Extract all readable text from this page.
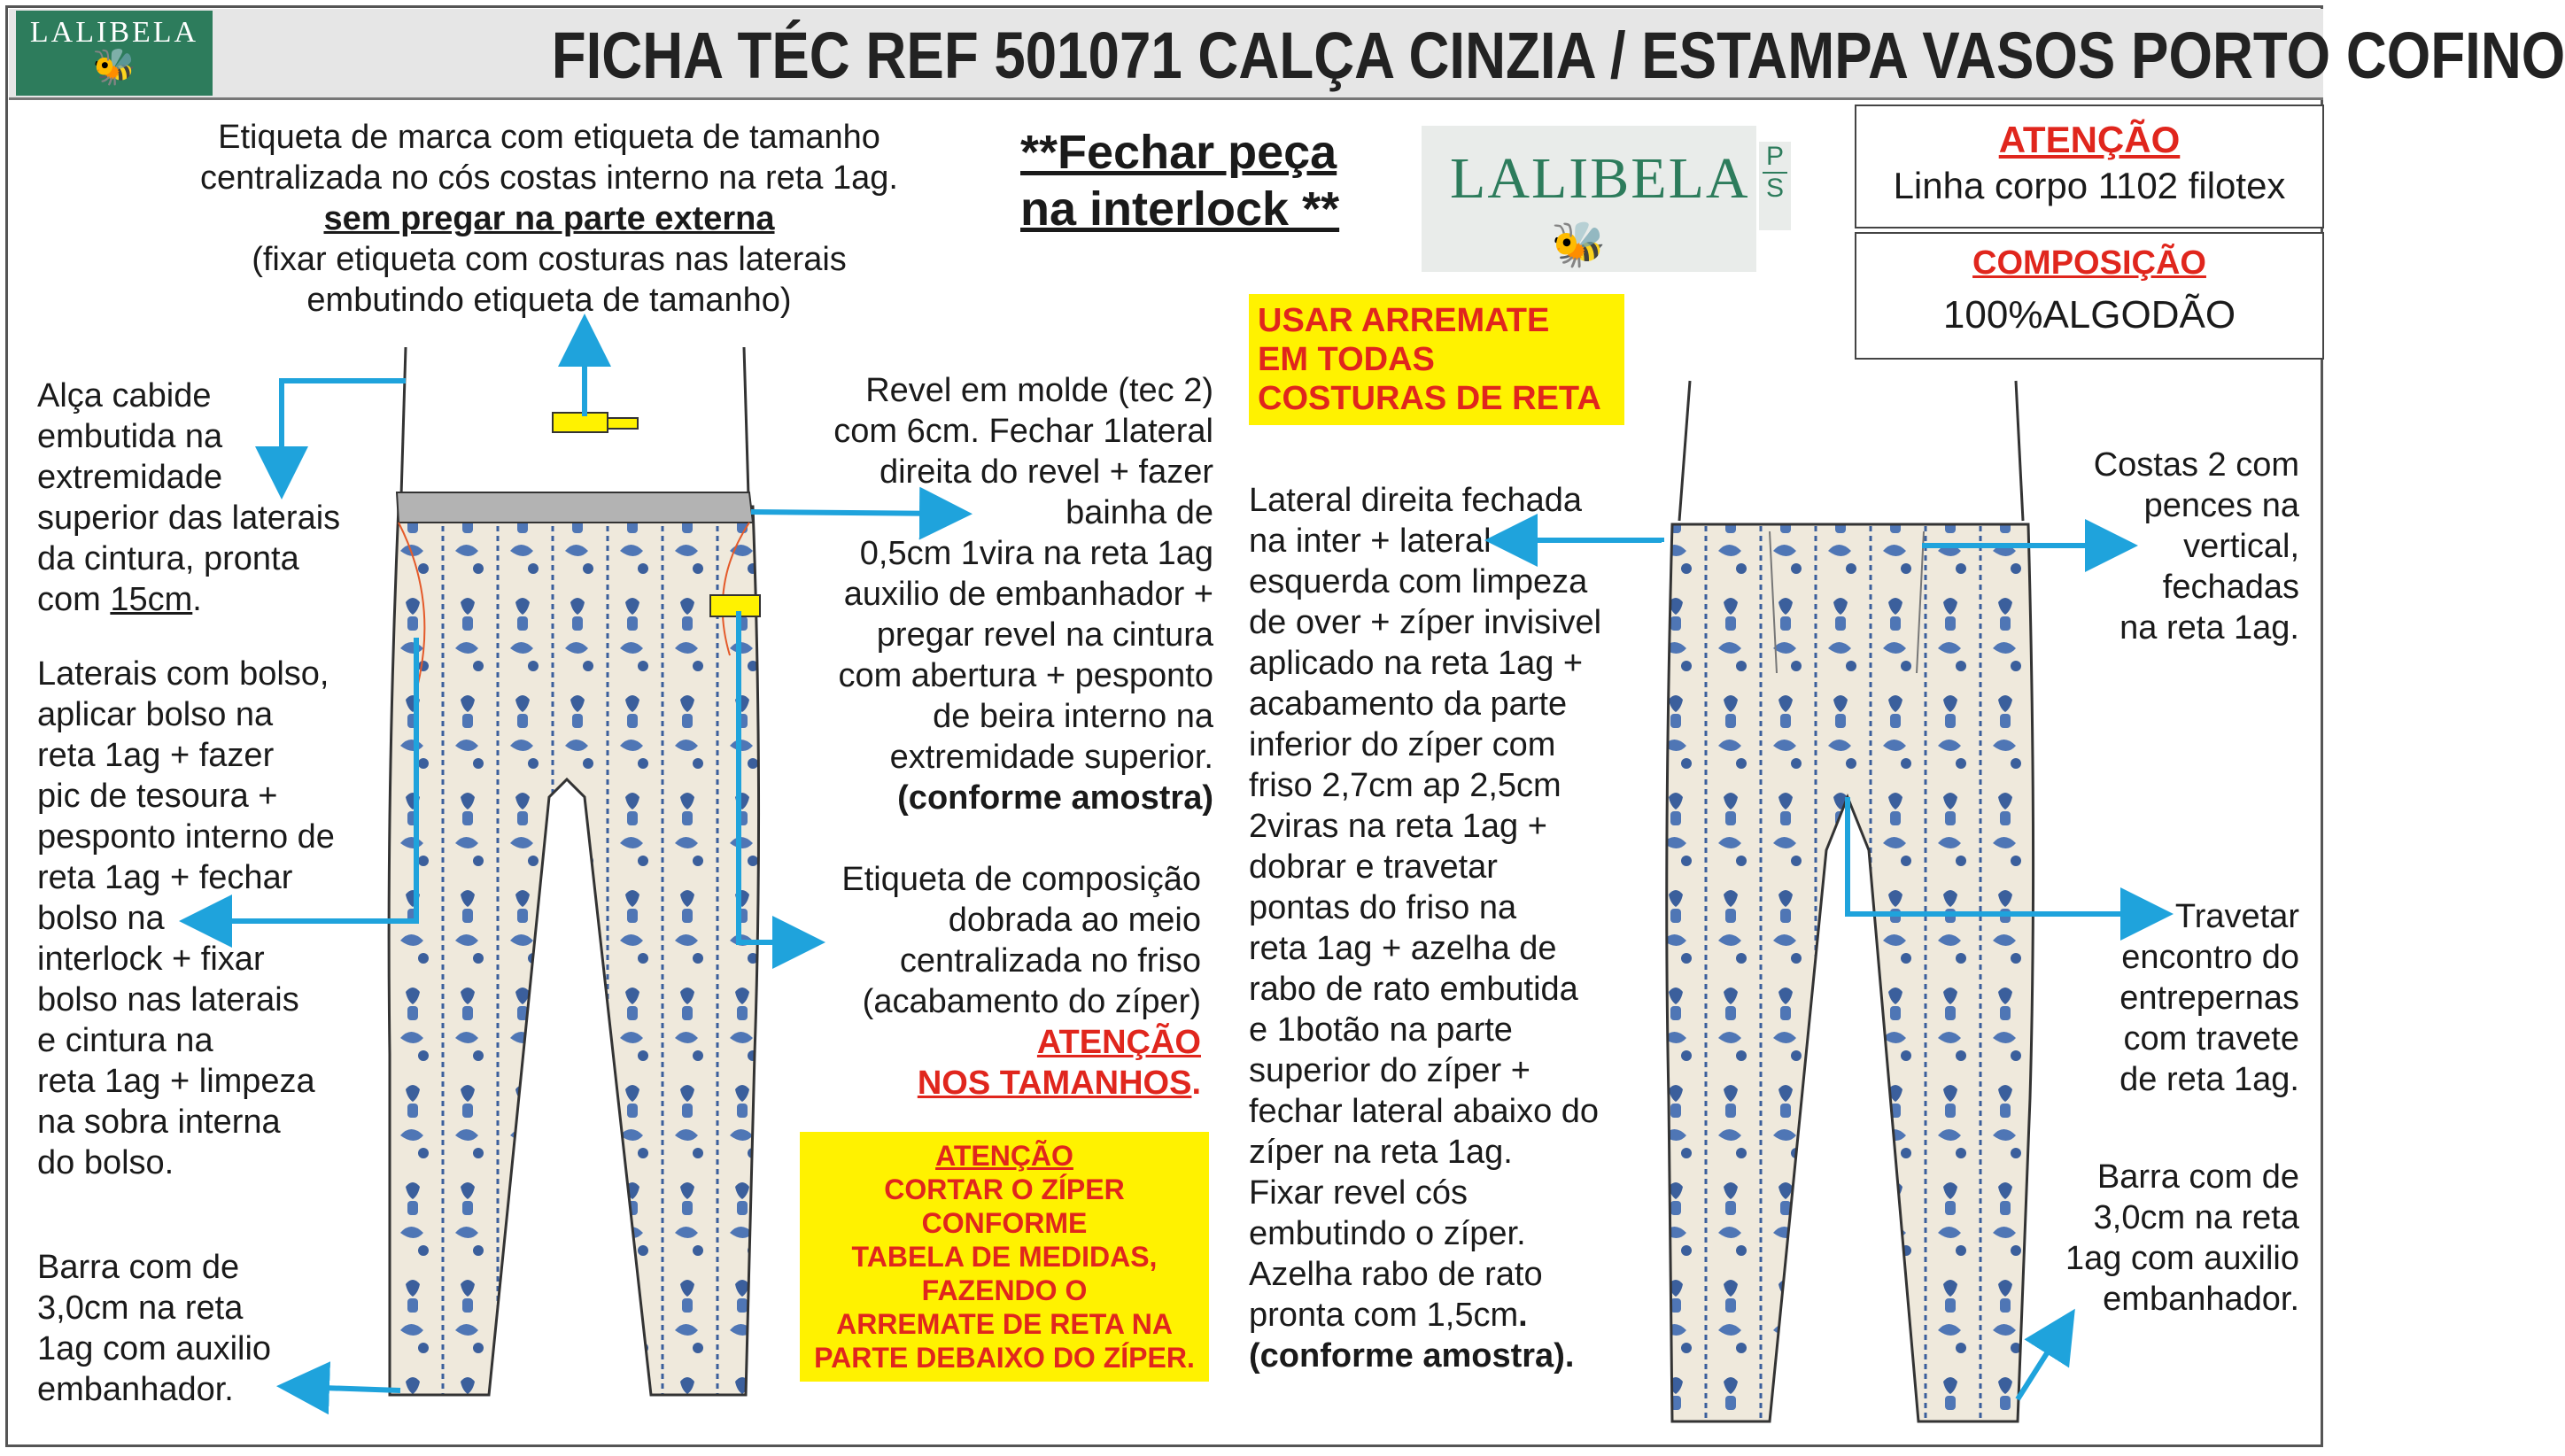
LALIBELA
🐝	FICHA TÉC REF 501071 CALÇA CINZIA / ESTAMPA VASOS PORTO COFINO
Etiqueta de marca com etiqueta de tamanho
centralizada no cós costas interno na reta 1ag.
sem pregar na parte externa
(fixar etiqueta com costuras nas laterais
embutindo etiqueta de tamanho)
**Fechar peça
na interlock ** LALIBELA
🐝
P
S
ATENÇÃO
Linha corpo 1102 filotex
COMPOSIÇÃO
100%ALGODÃO
USAR ARREMATE
EM TODAS
COSTURAS DE RETA
Alça cabide
embutida na
extremidade
superior das laterais
da cintura, pronta
com 15cm.
Laterais com bolso,
aplicar bolso na
reta 1ag + fazer
pic de tesoura +
pesponto interno de
reta 1ag + fechar
bolso na
interlock + fixar
bolso nas laterais
e cintura na
reta 1ag + limpeza
na sobra interna
do bolso.
Barra com de
3,0cm na reta
1ag com auxilio
embanhador.
Revel em molde (tec 2)
com 6cm. Fechar 1lateral
direita do revel + fazer
bainha de
0,5cm 1vira na reta 1ag
auxilio de embanhador +
pregar revel na cintura
com abertura + pesponto
de beira interno na
extremidade superior.
(conforme amostra)
Etiqueta de composição
dobrada ao meio
centralizada no friso
(acabamento do zíper)
ATENÇÃO
NOS TAMANHOS.
ATENÇÃO
CORTAR O ZÍPER
CONFORME
TABELA DE MEDIDAS,
FAZENDO O
ARREMATE DE RETA NA
PARTE DEBAIXO DO ZÍPER.
Lateral direita fechada
na inter + lateral
esquerda com limpeza
de over + zíper invisivel
aplicado na reta 1ag +
acabamento da parte
inferior do zíper com
friso 2,7cm ap 2,5cm
2viras na reta 1ag +
dobrar e travetar
pontas do friso na
reta 1ag + azelha de
rabo de rato embutida
e 1botão na parte
superior do zíper +
fechar lateral abaixo do
zíper na reta 1ag.
Fixar revel cós
embutindo o zíper.
Azelha rabo de rato
pronta com 1,5cm.
(conforme amostra).
Costas 2 com
pences na
vertical,
fechadas
na reta 1ag.
Travetar
encontro do
entrepernas
com travete
de reta 1ag.
Barra com de
3,0cm na reta
1ag com auxilio
embanhador.
